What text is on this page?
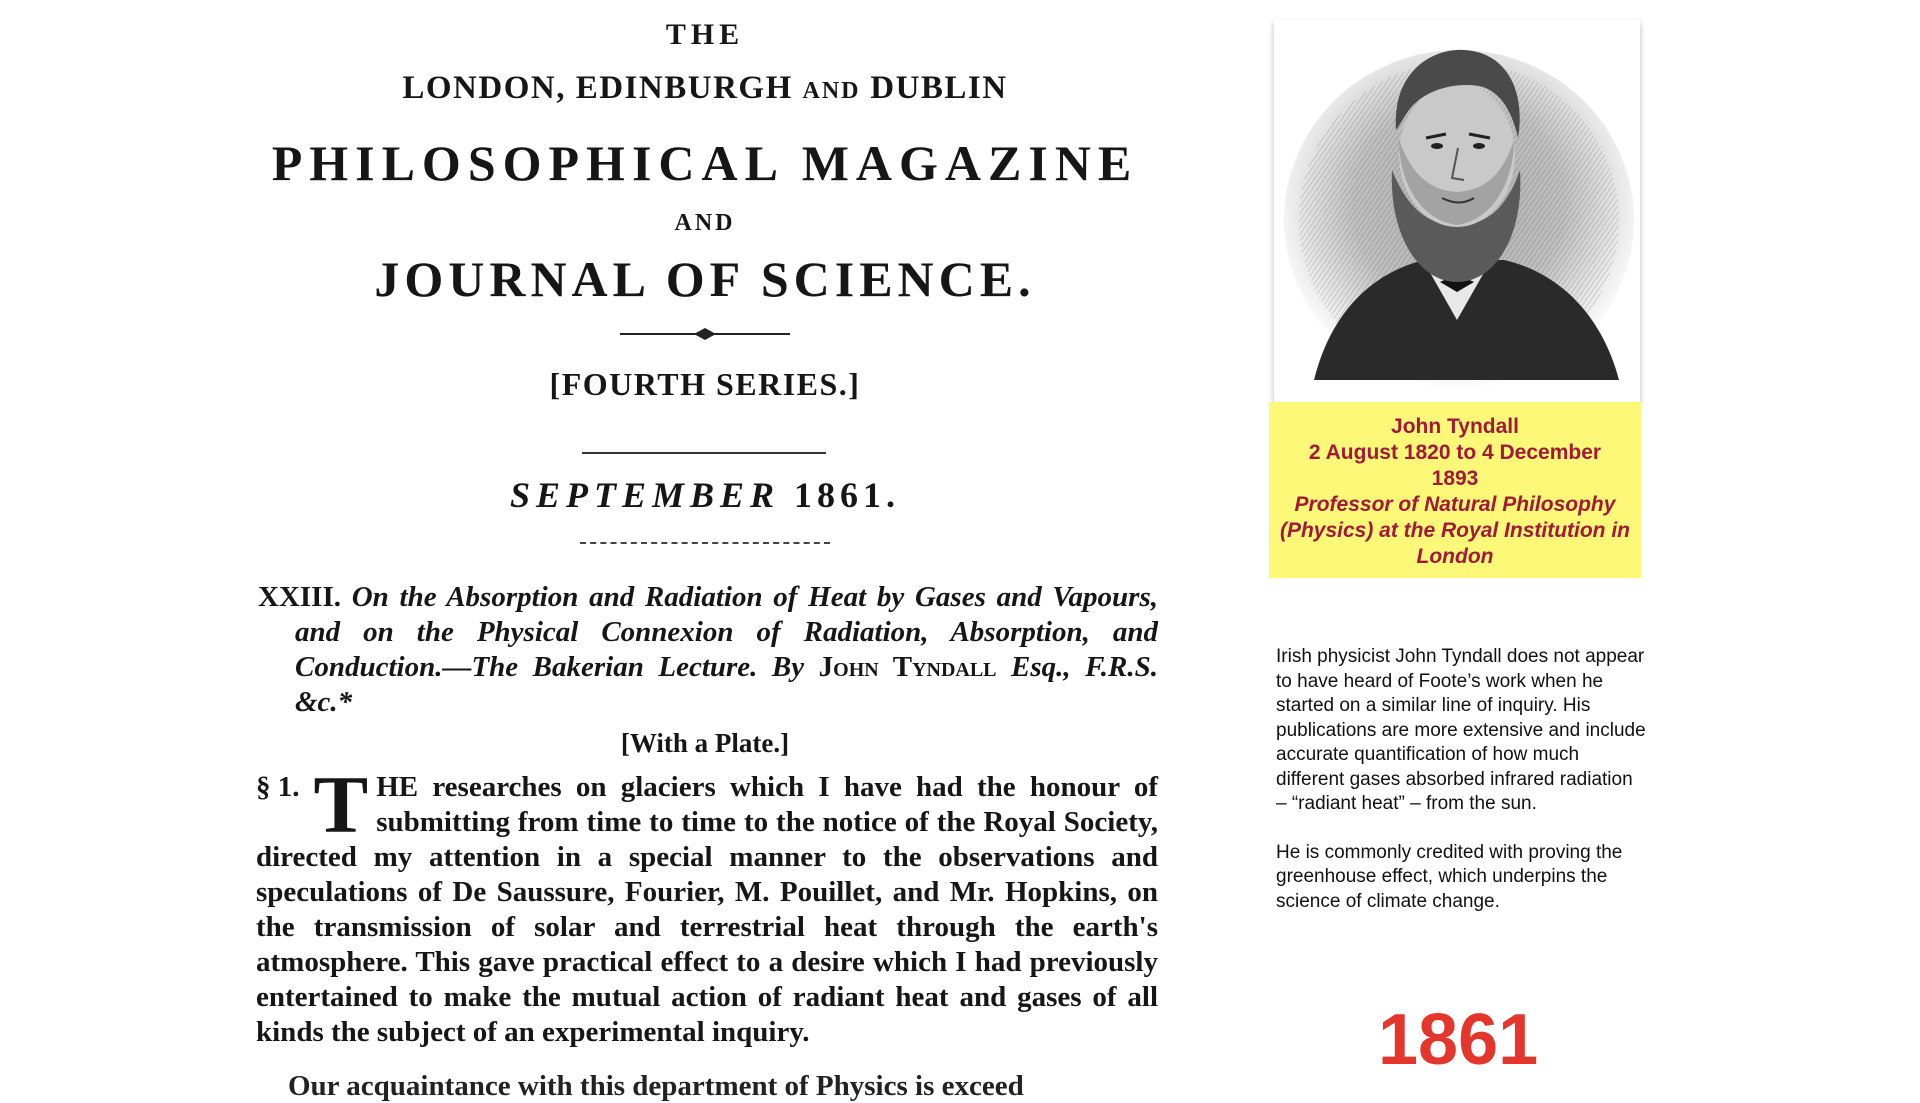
THE
LONDON, EDINBURGH AND DUBLIN
PHILOSOPHICAL MAGAZINE
AND
JOURNAL OF SCIENCE.
[FOURTH SERIES.]
SEPTEMBER 1861.
XXIII. On the Absorption and Radiation of Heat by Gases and Vapours, and on the Physical Connexion of Radiation, Absorption, and Conduction.—The Bakerian Lecture. By John Tyndall Esq., F.R.S. &c.*
[With a Plate.]
§ 1. T HE researches on glaciers which I have had the honour of submitting from time to time to the notice of the Royal Society, directed my attention in a special manner to the observations and speculations of De Saussure, Fourier, M. Pouillet, and Mr. Hopkins, on the transmission of solar and terrestrial heat through the earth's atmosphere. This gave practical effect to a desire which I had previously entertained to make the mutual action of radiant heat and gases of all kinds the subject of an experimental inquiry.
Our acquaintance with this department of Physics is exceed
John Tyndall
2 August 1820 to 4 December
1893
Professor of Natural Philosophy (Physics) at the Royal Institution in London

Irish physicist John Tyndall does not appear to have heard of Foote’s work when he started on a similar line of inquiry. His publications are more extensive and include accurate quantification of how much different gases absorbed infrared radiation – “radiant heat” – from the sun.

He is commonly credited with proving the greenhouse effect, which underpins the science of climate change.

1861
